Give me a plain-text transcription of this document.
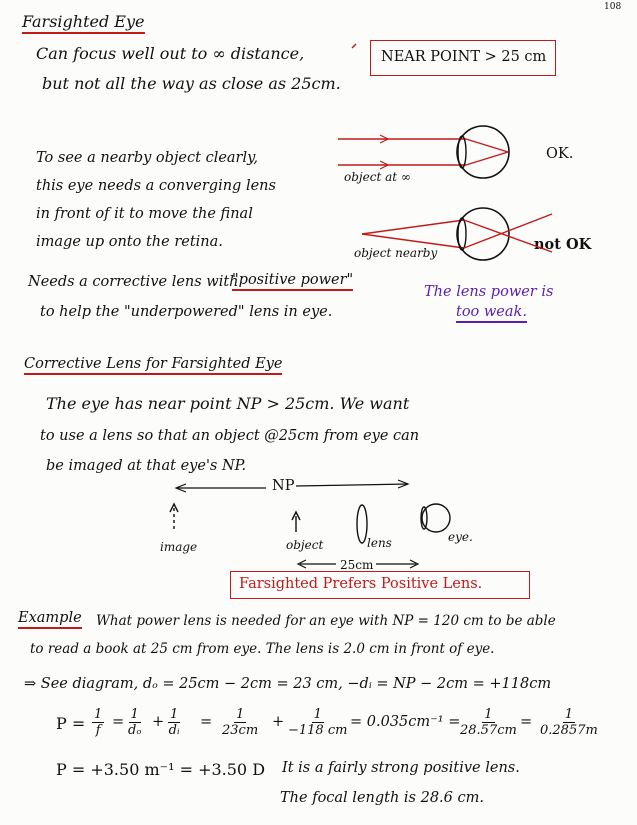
108
Farsighted Eye
Can focus well out to ∞ distance,
but not all the way as close as 25cm.
NEAR POINT > 25 cm
To see a nearby object clearly,
this eye needs a converging lens
in front of it to move the final
image up onto the retina.
Needs a corrective lens with
"positive power"
to help the "underpowered" lens in eye.
object at ∞
OK.
object nearby	not OK
The lens power is
too weak.
Corrective Lens for Farsighted Eye
The eye has near point NP > 25cm. We want
to use a lens so that an object @25cm from eye can
be imaged at that eye's NP.
NP
image	object	lens	eye.
25cm
Farsighted Prefers Positive Lens.
Example What power lens is needed for an eye with NP = 120 cm to be able
to read a book at 25 cm from eye. The lens is 2.0 cm in front of eye.
⇒ See diagram, dₒ = 25cm − 2cm = 23 cm, −dᵢ = NP − 2cm = +118cm
$P = \frac{1}{f} = \frac{1}{\text{dₒ}} + \frac{1}{\text{dᵢ}} = \frac{1}{23cm} + \frac{1}{-118 cm} = 0.035cm^{-1} = \frac{1}{28.57cm} = \frac{1}{0.2857m}$
P = +3.50 m⁻¹ = +3.50 D It is a fairly strong positive lens.
The focal length is 28.6 cm.
